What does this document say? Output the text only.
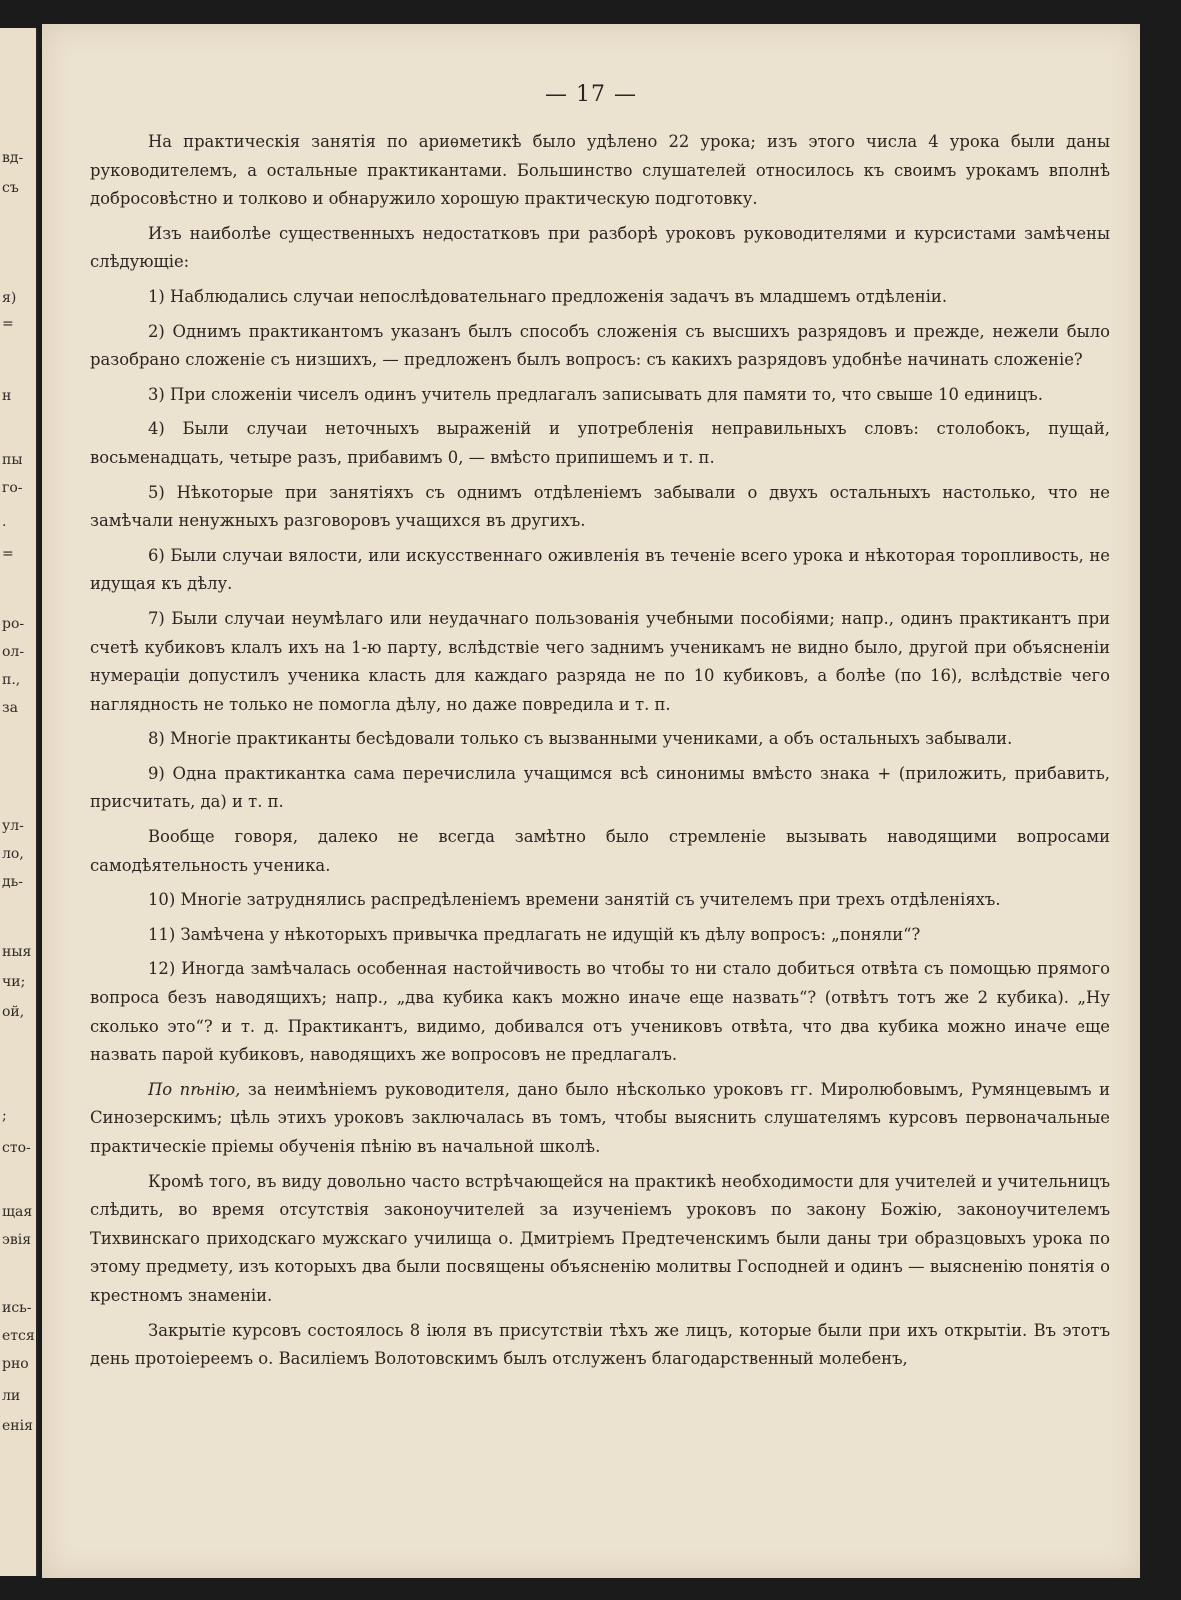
вд-
съ
я)
=
н
пы
го-
.
=
ро-
ол-
п.,
за
ул-
ло,
дь-
ныя
чи;
ой,
;
сто-
щая
эвія
ись-
ется
рно
ли
енія
— 17 —

На практическія занятія по ариѳметикѣ было удѣлено 22 урока; изъ этого числа 4 урока были даны руководителемъ, а остальные практикантами. Большинство слушателей относилось къ своимъ урокамъ вполнѣ добросовѣстно и толково и обнаружило хорошую практическую подготовку.

Изъ наиболѣе существенныхъ недостатковъ при разборѣ уроковъ руководителями и курсистами замѣчены слѣдующіе:

1) Наблюдались случаи непослѣдовательнаго предложенія задачъ въ младшемъ отдѣленіи.

2) Однимъ практикантомъ указанъ былъ способъ сложенія съ высшихъ разрядовъ и прежде, нежели было разобрано сложеніе съ низшихъ, — предложенъ былъ вопросъ: съ какихъ разрядовъ удобнѣе начинать сложеніе?

3) При сложеніи чиселъ одинъ учитель предлагалъ записывать для памяти то, что свыше 10 единицъ.

4) Были случаи неточныхъ выраженій и употребленія неправильныхъ словъ: столобокъ, пущай, восьменадцать, четыре разъ, прибавимъ 0, — вмѣсто припишемъ и т. п.

5) Нѣкоторые при занятіяхъ съ однимъ отдѣленіемъ забывали о двухъ остальныхъ настолько, что не замѣчали ненужныхъ разговоровъ учащихся въ другихъ.

6) Были случаи вялости, или искусственнаго оживленія въ теченіе всего урока и нѣкоторая торопливость, не идущая къ дѣлу.

7) Были случаи неумѣлаго или неудачнаго пользованія учебными пособіями; напр., одинъ практикантъ при счетѣ кубиковъ клалъ ихъ на 1-ю парту, вслѣдствіе чего заднимъ ученикамъ не видно было, другой при объясненіи нумераціи допустилъ ученика класть для каждаго разряда не по 10 кубиковъ, а болѣе (по 16), вслѣдствіе чего наглядность не только не помогла дѣлу, но даже повредила и т. п.

8) Многіе практиканты бесѣдовали только съ вызванными учениками, а объ остальныхъ забывали.

9) Одна практикантка сама перечислила учащимся всѣ синонимы вмѣсто знака + (приложить, прибавить, присчитать, да) и т. п.

Вообще говоря, далеко не всегда замѣтно было стремленіе вызывать наводящими вопросами самодѣятельность ученика.

10) Многіе затруднялись распредѣленіемъ времени занятій съ учителемъ при трехъ отдѣленіяхъ.

11) Замѣчена у нѣкоторыхъ привычка предлагать не идущій къ дѣлу вопросъ: „поняли“?

12) Иногда замѣчалась особенная настойчивость во чтобы то ни стало добиться отвѣта съ помощью прямого вопроса безъ наводящихъ; напр., „два кубика какъ можно иначе еще назвать“? (отвѣтъ тотъ же 2 кубика). „Ну сколько это“? и т. д. Практикантъ, видимо, добивался отъ учениковъ отвѣта, что два кубика можно иначе еще назвать парой кубиковъ, наводящихъ же вопросовъ не предлагалъ.

По пѣнію, за неимѣніемъ руководителя, дано было нѣсколько уроковъ гг. Миролюбовымъ, Румянцевымъ и Синозерскимъ; цѣль этихъ уроковъ заключалась въ томъ, чтобы выяснить слушателямъ курсовъ первоначальные практическіе пріемы обученія пѣнію въ начальной школѣ.

Кромѣ того, въ виду довольно часто встрѣчающейся на практикѣ необходимости для учителей и учительницъ слѣдить, во время отсутствія законоучителей за изученіемъ уроковъ по закону Божію, законоучителемъ Тихвинскаго приходскаго мужскаго училища о. Дмитріемъ Предтеченскимъ были даны три образцовыхъ урока по этому предмету, изъ которыхъ два были посвящены объясненію молитвы Господней и одинъ — выясненію понятія о крестномъ знаменіи.

Закрытіе курсовъ состоялось 8 іюля въ присутствіи тѣхъ же лицъ, которые были при ихъ открытіи. Въ этотъ день протоіереемъ о. Василіемъ Волотовскимъ былъ отслуженъ благодарственный молебенъ,
